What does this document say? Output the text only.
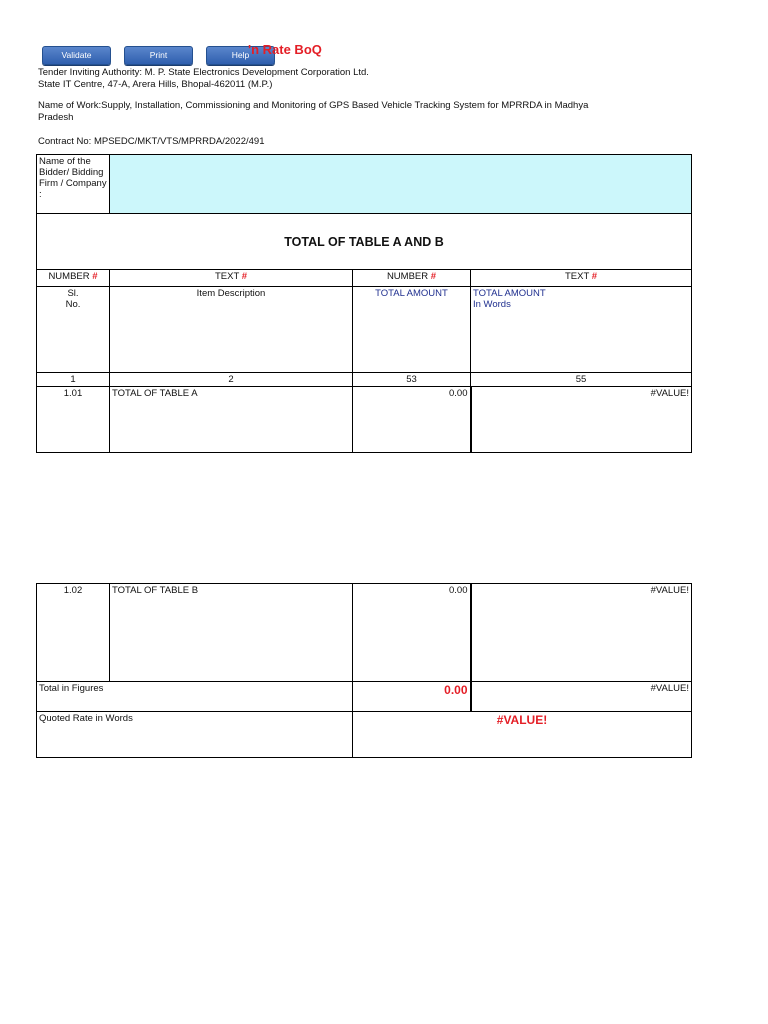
Validate	Print	Help
'n Rate BoQ
Tender Inviting Authority: M. P. State Electronics Development Corporation Ltd.
State IT Centre, 47-A, Arera Hills, Bhopal-462011 (M.P.)
Name of Work:Supply, Installation, Commissioning and Monitoring of GPS Based Vehicle Tracking System for MPRRDA in Madhya
Pradesh
Contract No: MPSEDC/MKT/VTS/MPRRDA/2022/491
Name of the Bidder/ Bidding Firm / Company :			
TOTAL OF TABLE A AND B			
NUMBER #	TEXT #	NUMBER #	TEXT #
Sl.
No.	Item Description	TOTAL AMOUNT	TOTAL AMOUNT
In Words
1	2	53	55
1.01	TOTAL OF TABLE A	0.00	#VALUE!
1.02	TOTAL OF TABLE B	0.00	#VALUE!
Total in Figures		0.00	#VALUE!
Quoted Rate in Words		#VALUE!	
